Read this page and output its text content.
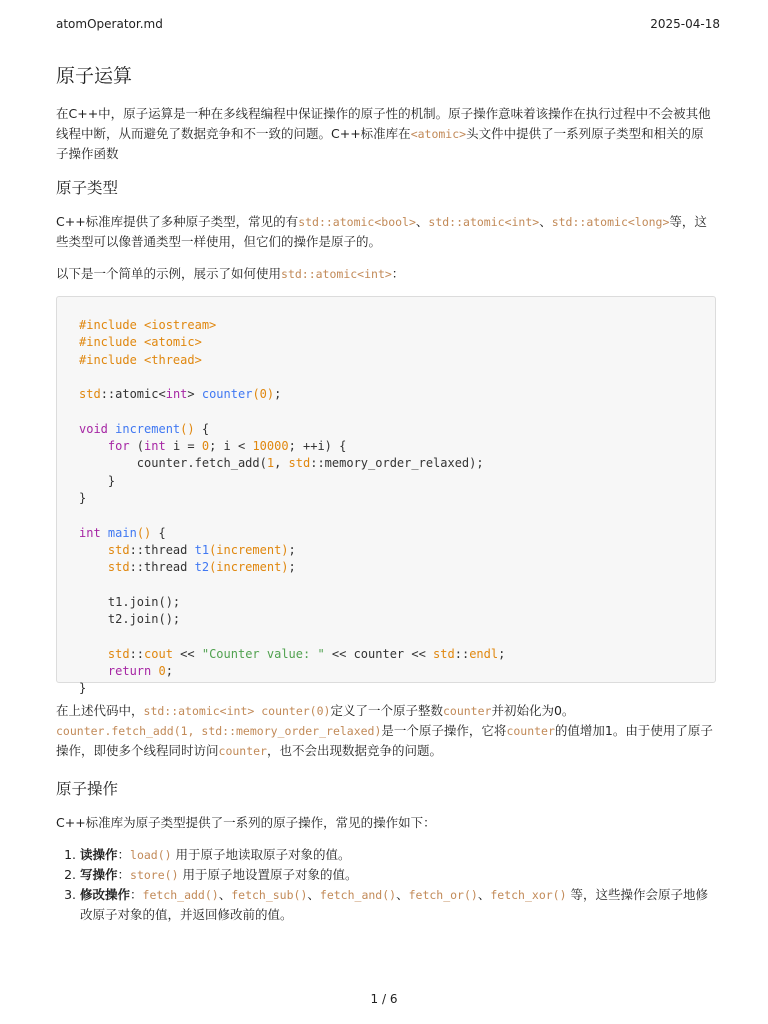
atomOperator.md	2025-04-18
原子运算

在C++中，原子运算是一种在多线程编程中保证操作的原子性的机制。原子操作意味着该操作在执行过程中不会被其他线程中断，从而避免了数据竞争和不一致的问题。C++标准库在<atomic>头文件中提供了一系列原子类型和相关的原子操作函数

原子类型

C++标准库提供了多种原子类型，常见的有std::atomic<bool>、std::atomic<int>、std::atomic<long>等，这些类型可以像普通类型一样使用，但它们的操作是原子的。

以下是一个简单的示例，展示了如何使用std::atomic<int>：

#include <iostream>
#include <atomic>
#include <thread>

std::atomic<int> counter(0);

void increment() {
for (int i = 0; i < 10000; ++i) {
counter.fetch_add(1, std::memory_order_relaxed);
}
}

int main() {
std::thread t1(increment);
std::thread t2(increment);

t1.join();
t2.join();

std::cout << "Counter value: " << counter << std::endl;
return 0;
}

在上述代码中，std::atomic<int> counter(0)定义了一个原子整数counter并初始化为0。
counter.fetch_add(1, std::memory_order_relaxed)是一个原子操作，它将counter的值增加1。由于使用了原子操作，即使多个线程同时访问counter，也不会出现数据竞争的问题。

原子操作

C++标准库为原子类型提供了一系列的原子操作，常见的操作如下：

1. 读操作：load() 用于原子地读取原子对象的值。
2. 写操作：store() 用于原子地设置原子对象的值。
3. 修改操作：fetch_add()、fetch_sub()、fetch_and()、fetch_or()、fetch_xor() 等，这些操作会原子地修改原子对象的值，并返回修改前的值。
1 / 6
